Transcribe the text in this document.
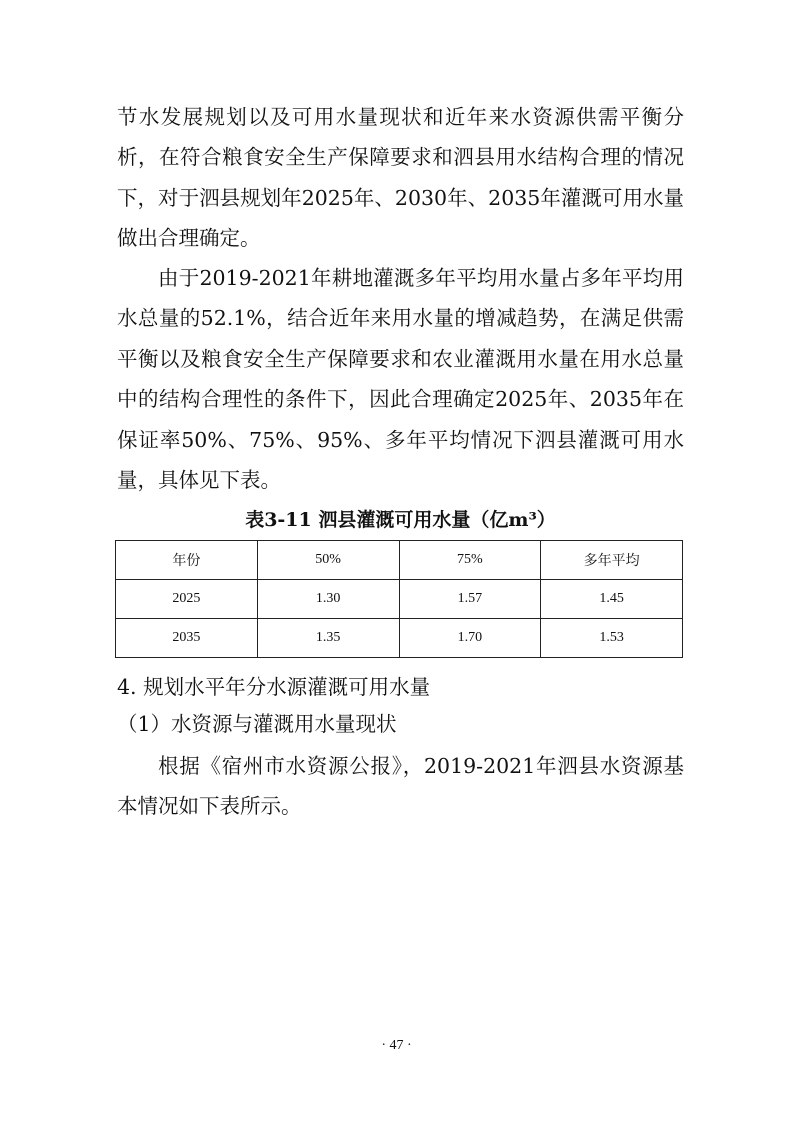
节水发展规划以及可用水量现状和近年来水资源供需平衡分析，在符合粮食安全生产保障要求和泗县用水结构合理的情况下，对于泗县规划年2025年、2030年、2035年灌溉可用水量做出合理确定。

由于2019-2021年耕地灌溉多年平均用水量占多年平均用水总量的52.1%，结合近年来用水量的增减趋势，在满足供需平衡以及粮食安全生产保障要求和农业灌溉用水量在用水总量中的结构合理性的条件下，因此合理确定2025年、2035年在保证率50%、75%、95%、多年平均情况下泗县灌溉可用水量，具体见下表。

表3-11 泗县灌溉可用水量（亿m³）

年份	50%	75%	多年平均
2025	1.30	1.57	1.45
2035	1.35	1.70	1.53

4. 规划水平年分水源灌溉可用水量

（1）水资源与灌溉用水量现状

根据《宿州市水资源公报》，2019-2021年泗县水资源基本情况如下表所示。

· 47 ·
